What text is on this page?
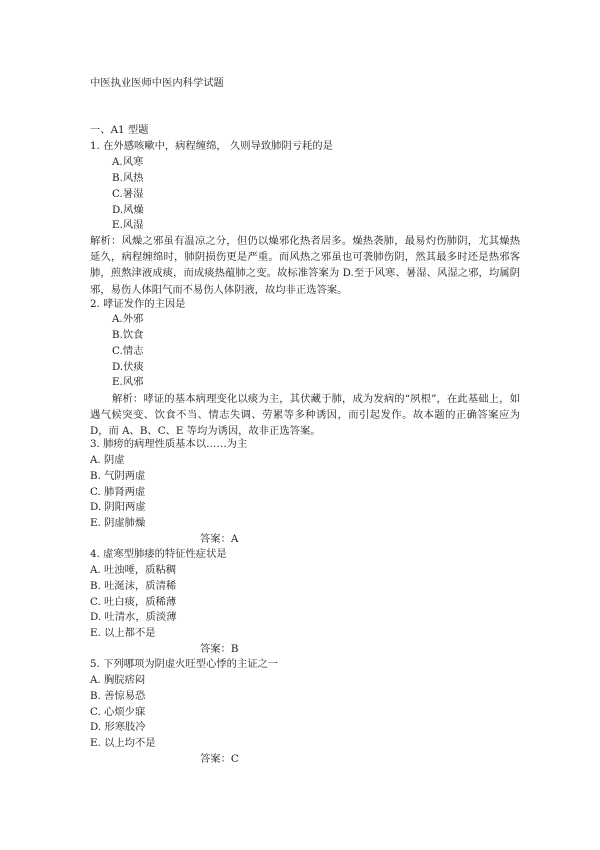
中医执业医师中医内科学试题
一、A1 型题
1. 在外感咳嗽中，病程缠绵， 久则导致肺阴亏耗的是
A.风寒
B.风热
C.暑湿
D.风燥
E.风湿
解析：风燥之邪虽有温凉之分，但仍以燥邪化热者居多。燥热袭肺，最易灼伤肺阴，尤其燥热延久，病程缠绵时，肺阴损伤更是严重。而风热之邪虽也可袭肺伤阴，然其最多时还是热邪客肺，煎熬津液成痰，而成痰热蕴肺之变。故标准答案为 D.至于风寒、暑湿、风湿之邪，均属阴邪，易伤人体阳气而不易伤人体阴液，故均非正选答案。
2. 哮证发作的主因是
A.外邪
B.饮食
C.情志
D.伏痰
E.风邪
解析：哮证的基本病理变化以痰为主，其伏藏于肺，成为发病的“夙根”，在此基础上，如遇气候突变、饮食不当、情志失调、劳累等多种诱因，而引起发作。故本题的正确答案应为 D，而 A、B、C、E 等均为诱因，故非正选答案。
3. 肺痨的病理性质基本以……为主
A. 阴虚
B. 气阴两虚
C. 肺肾两虚
D. 阴阳两虚
E. 阴虚肺燥
答案：A
4. 虚寒型肺痿的特征性症状是
A. 吐浊唾，质粘稠
B. 吐涎沫，质清稀
C. 吐白痰，质稀薄
D. 吐清水，质淡薄
E. 以上都不是
答案：B
5. 下列哪项为阴虚火旺型心悸的主证之一
A. 胸脘痞闷
B. 善惊易恐
C. 心烦少寐
D. 形寒肢冷
E. 以上均不是
答案：C
